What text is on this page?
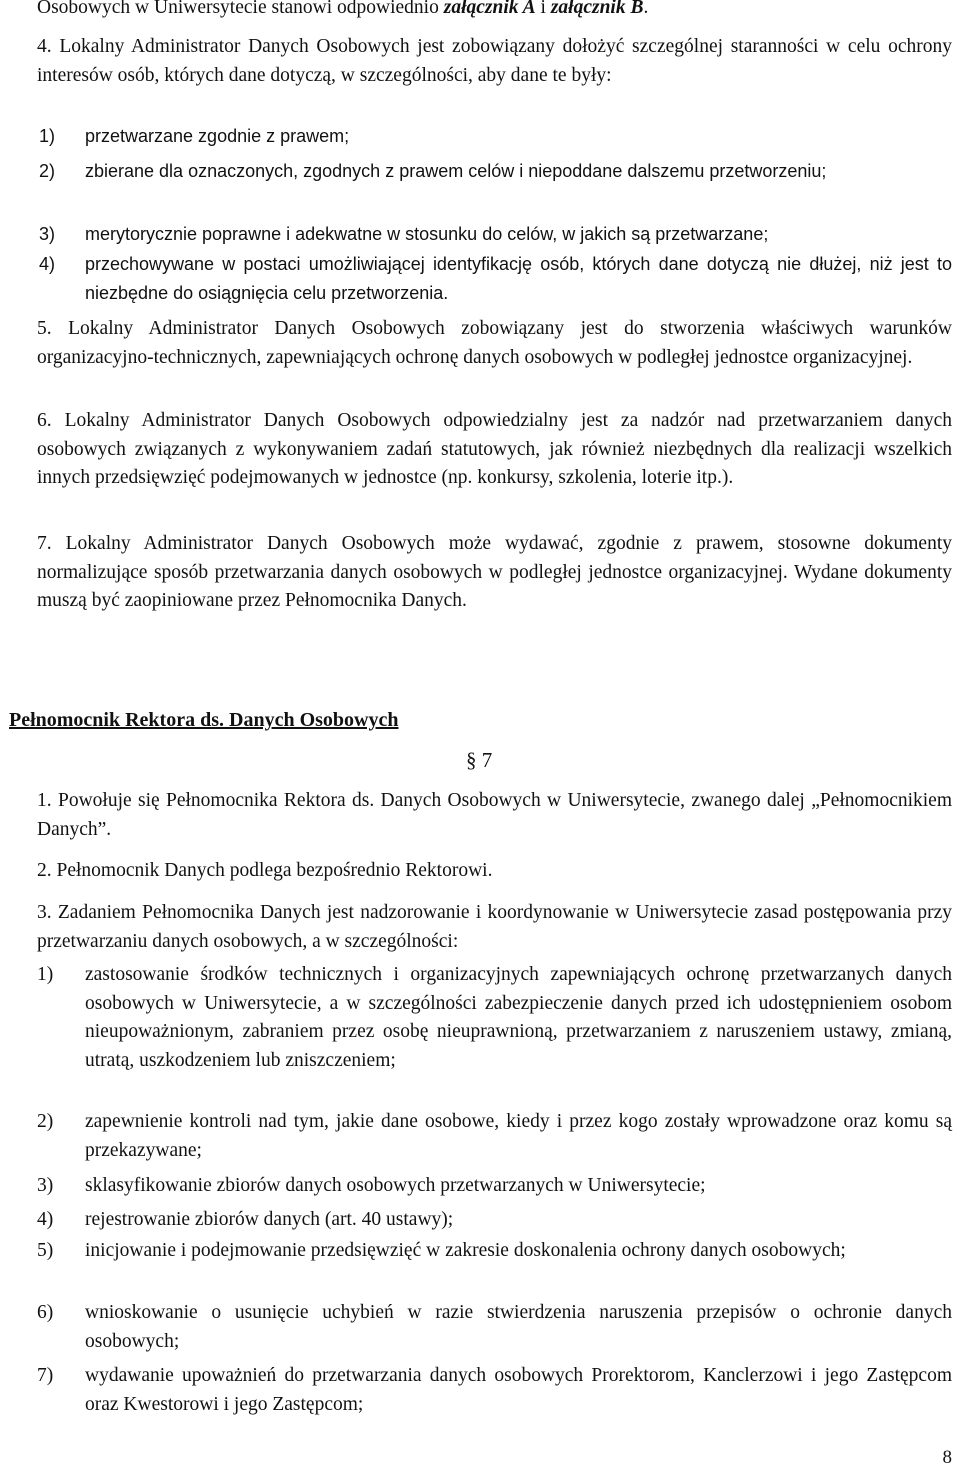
Osobowych w Uniwersytecie stanowi odpowiednio załącznik A i załącznik B.
4. Lokalny Administrator Danych Osobowych jest zobowiązany dołożyć szczególnej staranności w celu ochrony interesów osób, których dane dotyczą, w szczególności, aby dane te były:
1) przetwarzane zgodnie z prawem;
2) zbierane dla oznaczonych, zgodnych z prawem celów i niepoddane dalszemu przetworzeniu;
3) merytorycznie poprawne i adekwatne w stosunku do celów, w jakich są przetwarzane;
4) przechowywane w postaci umożliwiającej identyfikację osób, których dane dotyczą nie dłużej, niż jest to niezbędne do osiągnięcia celu przetworzenia.
5. Lokalny Administrator Danych Osobowych zobowiązany jest do stworzenia właściwych warunków organizacyjno-technicznych, zapewniających ochronę danych osobowych w podległej jednostce organizacyjnej.
6. Lokalny Administrator Danych Osobowych odpowiedzialny jest za nadzór nad przetwarzaniem danych osobowych związanych z wykonywaniem zadań statutowych, jak również niezbędnych dla realizacji wszelkich innych przedsięwzięć podejmowanych w jednostce (np. konkursy, szkolenia, loterie itp.).
7. Lokalny Administrator Danych Osobowych może wydawać, zgodnie z prawem, stosowne dokumenty normalizujące sposób przetwarzania danych osobowych w podległej jednostce organizacyjnej. Wydane dokumenty muszą być zaopiniowane przez Pełnomocnika Danych.
Pełnomocnik Rektora ds. Danych Osobowych
§ 7
1. Powołuje się Pełnomocnika Rektora ds. Danych Osobowych w Uniwersytecie, zwanego dalej „Pełnomocnikiem Danych”.
2. Pełnomocnik Danych podlega bezpośrednio Rektorowi.
3. Zadaniem Pełnomocnika Danych jest nadzorowanie i koordynowanie w Uniwersytecie zasad postępowania przy przetwarzaniu danych osobowych, a w szczególności:
1) zastosowanie środków technicznych i organizacyjnych zapewniających ochronę przetwarzanych danych osobowych w Uniwersytecie, a w szczególności zabezpieczenie danych przed ich udostępnieniem osobom nieupoważnionym, zabraniem przez osobę nieuprawnioną, przetwarzaniem z naruszeniem ustawy, zmianą, utratą, uszkodzeniem lub zniszczeniem;
2) zapewnienie kontroli nad tym, jakie dane osobowe, kiedy i przez kogo zostały wprowadzone oraz komu są przekazywane;
3) sklasyfikowanie zbiorów danych osobowych przetwarzanych w Uniwersytecie;
4) rejestrowanie zbiorów danych (art. 40 ustawy);
5) inicjowanie i podejmowanie przedsięwzięć w zakresie doskonalenia ochrony danych osobowych;
6) wnioskowanie o usunięcie uchybień w razie stwierdzenia naruszenia przepisów o ochronie danych osobowych;
7) wydawanie upoważnień do przetwarzania danych osobowych Prorektorom, Kanclerzowi i jego Zastępcom oraz Kwestorowi i jego Zastępcom;
8
